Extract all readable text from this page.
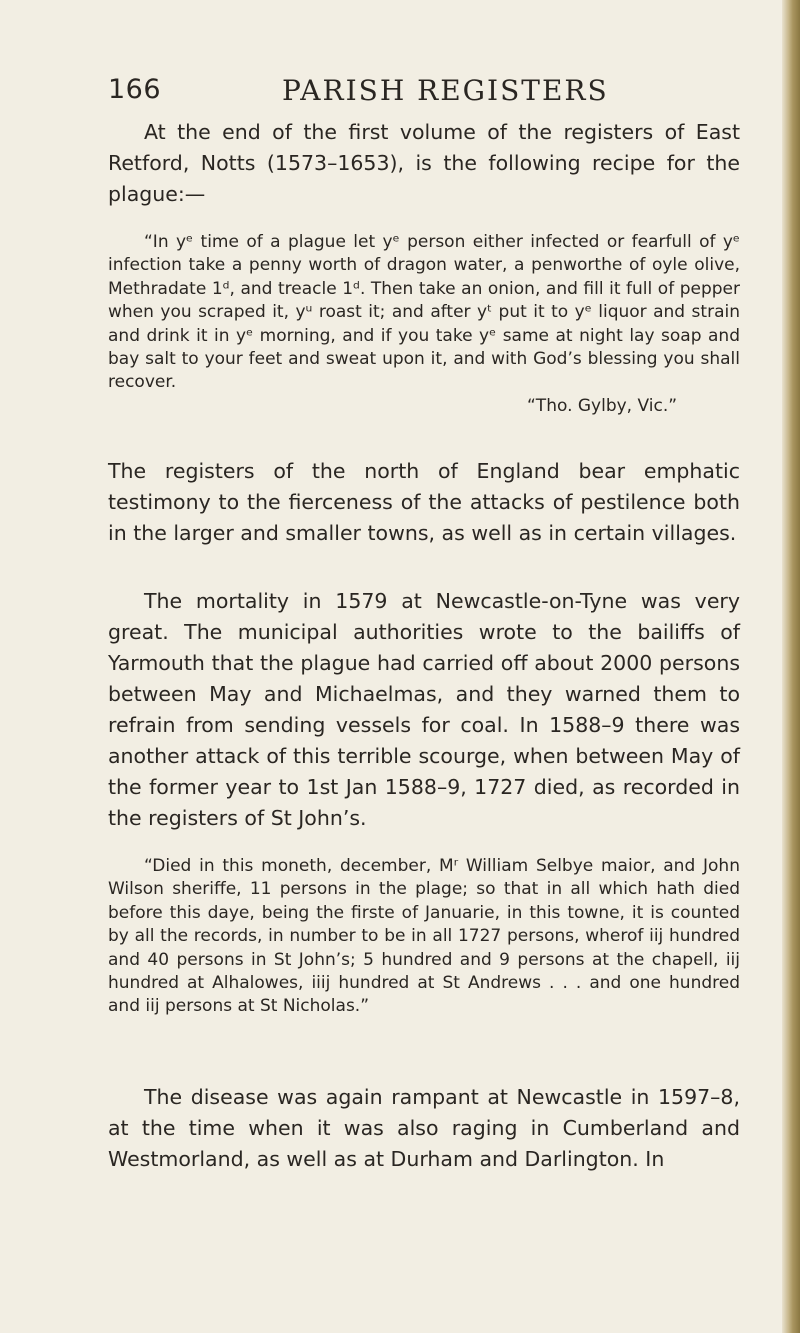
166	PARISH REGISTERS
At the end of the first volume of the registers of East Retford, Notts (1573–1653), is the following recipe for the plague:—
“In yᵉ time of a plague let yᵉ person either infected or fearfull of yᵉ infection take a penny worth of dragon water, a penworthe of oyle olive, Methradate 1ᵈ, and treacle 1ᵈ. Then take an onion, and fill it full of pepper when you scraped it, yᵘ roast it; and after yᵗ put it to yᵉ liquor and strain and drink it in yᵉ morning, and if you take yᵉ same at night lay soap and bay salt to your feet and sweat upon it, and with God’s blessing you shall recover.
“Tho. Gylby, Vic.”
The registers of the north of England bear emphatic testimony to the fierceness of the attacks of pestilence both in the larger and smaller towns, as well as in certain villages.
The mortality in 1579 at Newcastle-on-Tyne was very great. The municipal authorities wrote to the bailiffs of Yarmouth that the plague had carried off about 2000 persons between May and Michaelmas, and they warned them to refrain from sending vessels for coal. In 1588–9 there was another attack of this terrible scourge, when between May of the former year to 1st Jan 1588–9, 1727 died, as recorded in the registers of St John’s.
“Died in this moneth, december, Mʳ William Selbye maior, and John Wilson sheriffe, 11 persons in the plage; so that in all which hath died before this daye, being the firste of Januarie, in this towne, it is counted by all the records, in number to be in all 1727 persons, wherof iij hundred and 40 persons in St John’s; 5 hundred and 9 persons at the chapell, iij hundred at Alhalowes, iiij hundred at St Andrews . . . and one hundred and iij persons at St Nicholas.”
The disease was again rampant at Newcastle in 1597–8, at the time when it was also raging in Cumberland and Westmorland, as well as at Durham and Darlington. In
